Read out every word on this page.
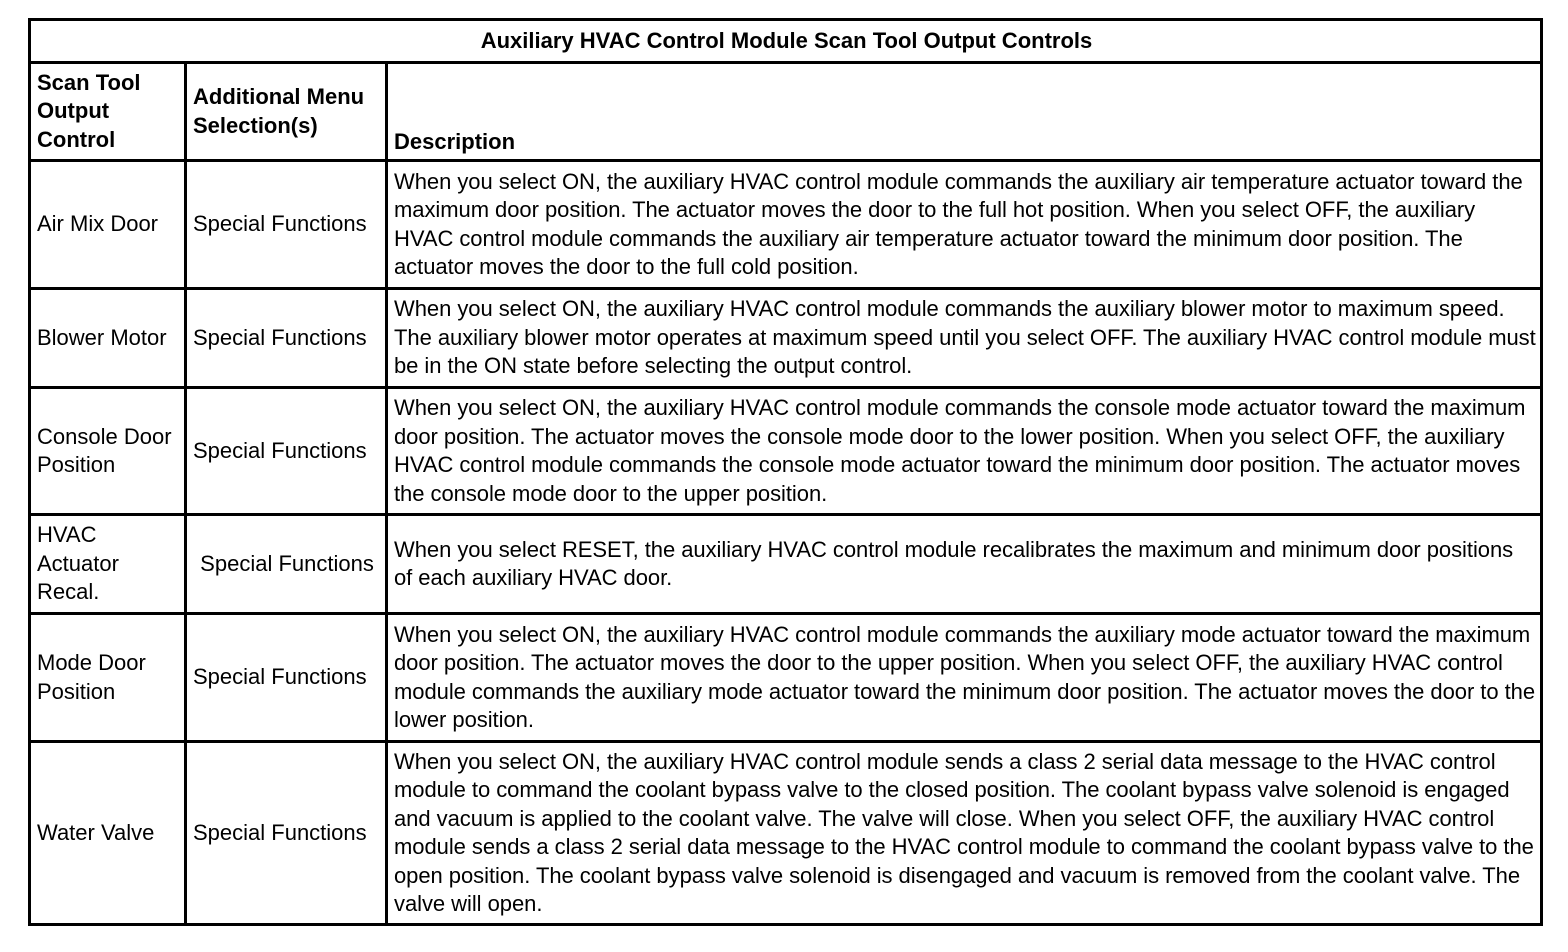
Auxiliary HVAC Control Module Scan Tool Output Controls		
Scan Tool Output Control	Additional Menu Selection(s)	Description
Air Mix Door	Special Functions	When you select ON, the auxiliary HVAC control module commands the auxiliary air temperature actuator toward the maximum door position. The actuator moves the door to the full hot position. When you select OFF, the auxiliary HVAC control module commands the auxiliary air temperature actuator toward the minimum door position. The actuator moves the door to the full cold position.
Blower Motor	Special Functions	When you select ON, the auxiliary HVAC control module commands the auxiliary blower motor to maximum speed. The auxiliary blower motor operates at maximum speed until you select OFF. The auxiliary HVAC control module must be in the ON state before selecting the output control.
Console Door Position	Special Functions	When you select ON, the auxiliary HVAC control module commands the console mode actuator toward the maximum door position. The actuator moves the console mode door to the lower position. When you select OFF, the auxiliary HVAC control module commands the console mode actuator toward the minimum door position. The actuator moves the console mode door to the upper position.
HVAC Actuator Recal.	Special Functions	When you select RESET, the auxiliary HVAC control module recalibrates the maximum and minimum door positions of each auxiliary HVAC door.
Mode Door Position	Special Functions	When you select ON, the auxiliary HVAC control module commands the auxiliary mode actuator toward the maximum door position. The actuator moves the door to the upper position. When you select OFF, the auxiliary HVAC control module commands the auxiliary mode actuator toward the minimum door position. The actuator moves the door to the lower position.
Water Valve	Special Functions	When you select ON, the auxiliary HVAC control module sends a class 2 serial data message to the HVAC control module to command the coolant bypass valve to the closed position. The coolant bypass valve solenoid is engaged and vacuum is applied to the coolant valve. The valve will close. When you select OFF, the auxiliary HVAC control module sends a class 2 serial data message to the HVAC control module to command the coolant bypass valve to the open position. The coolant bypass valve solenoid is disengaged and vacuum is removed from the coolant valve. The valve will open.
